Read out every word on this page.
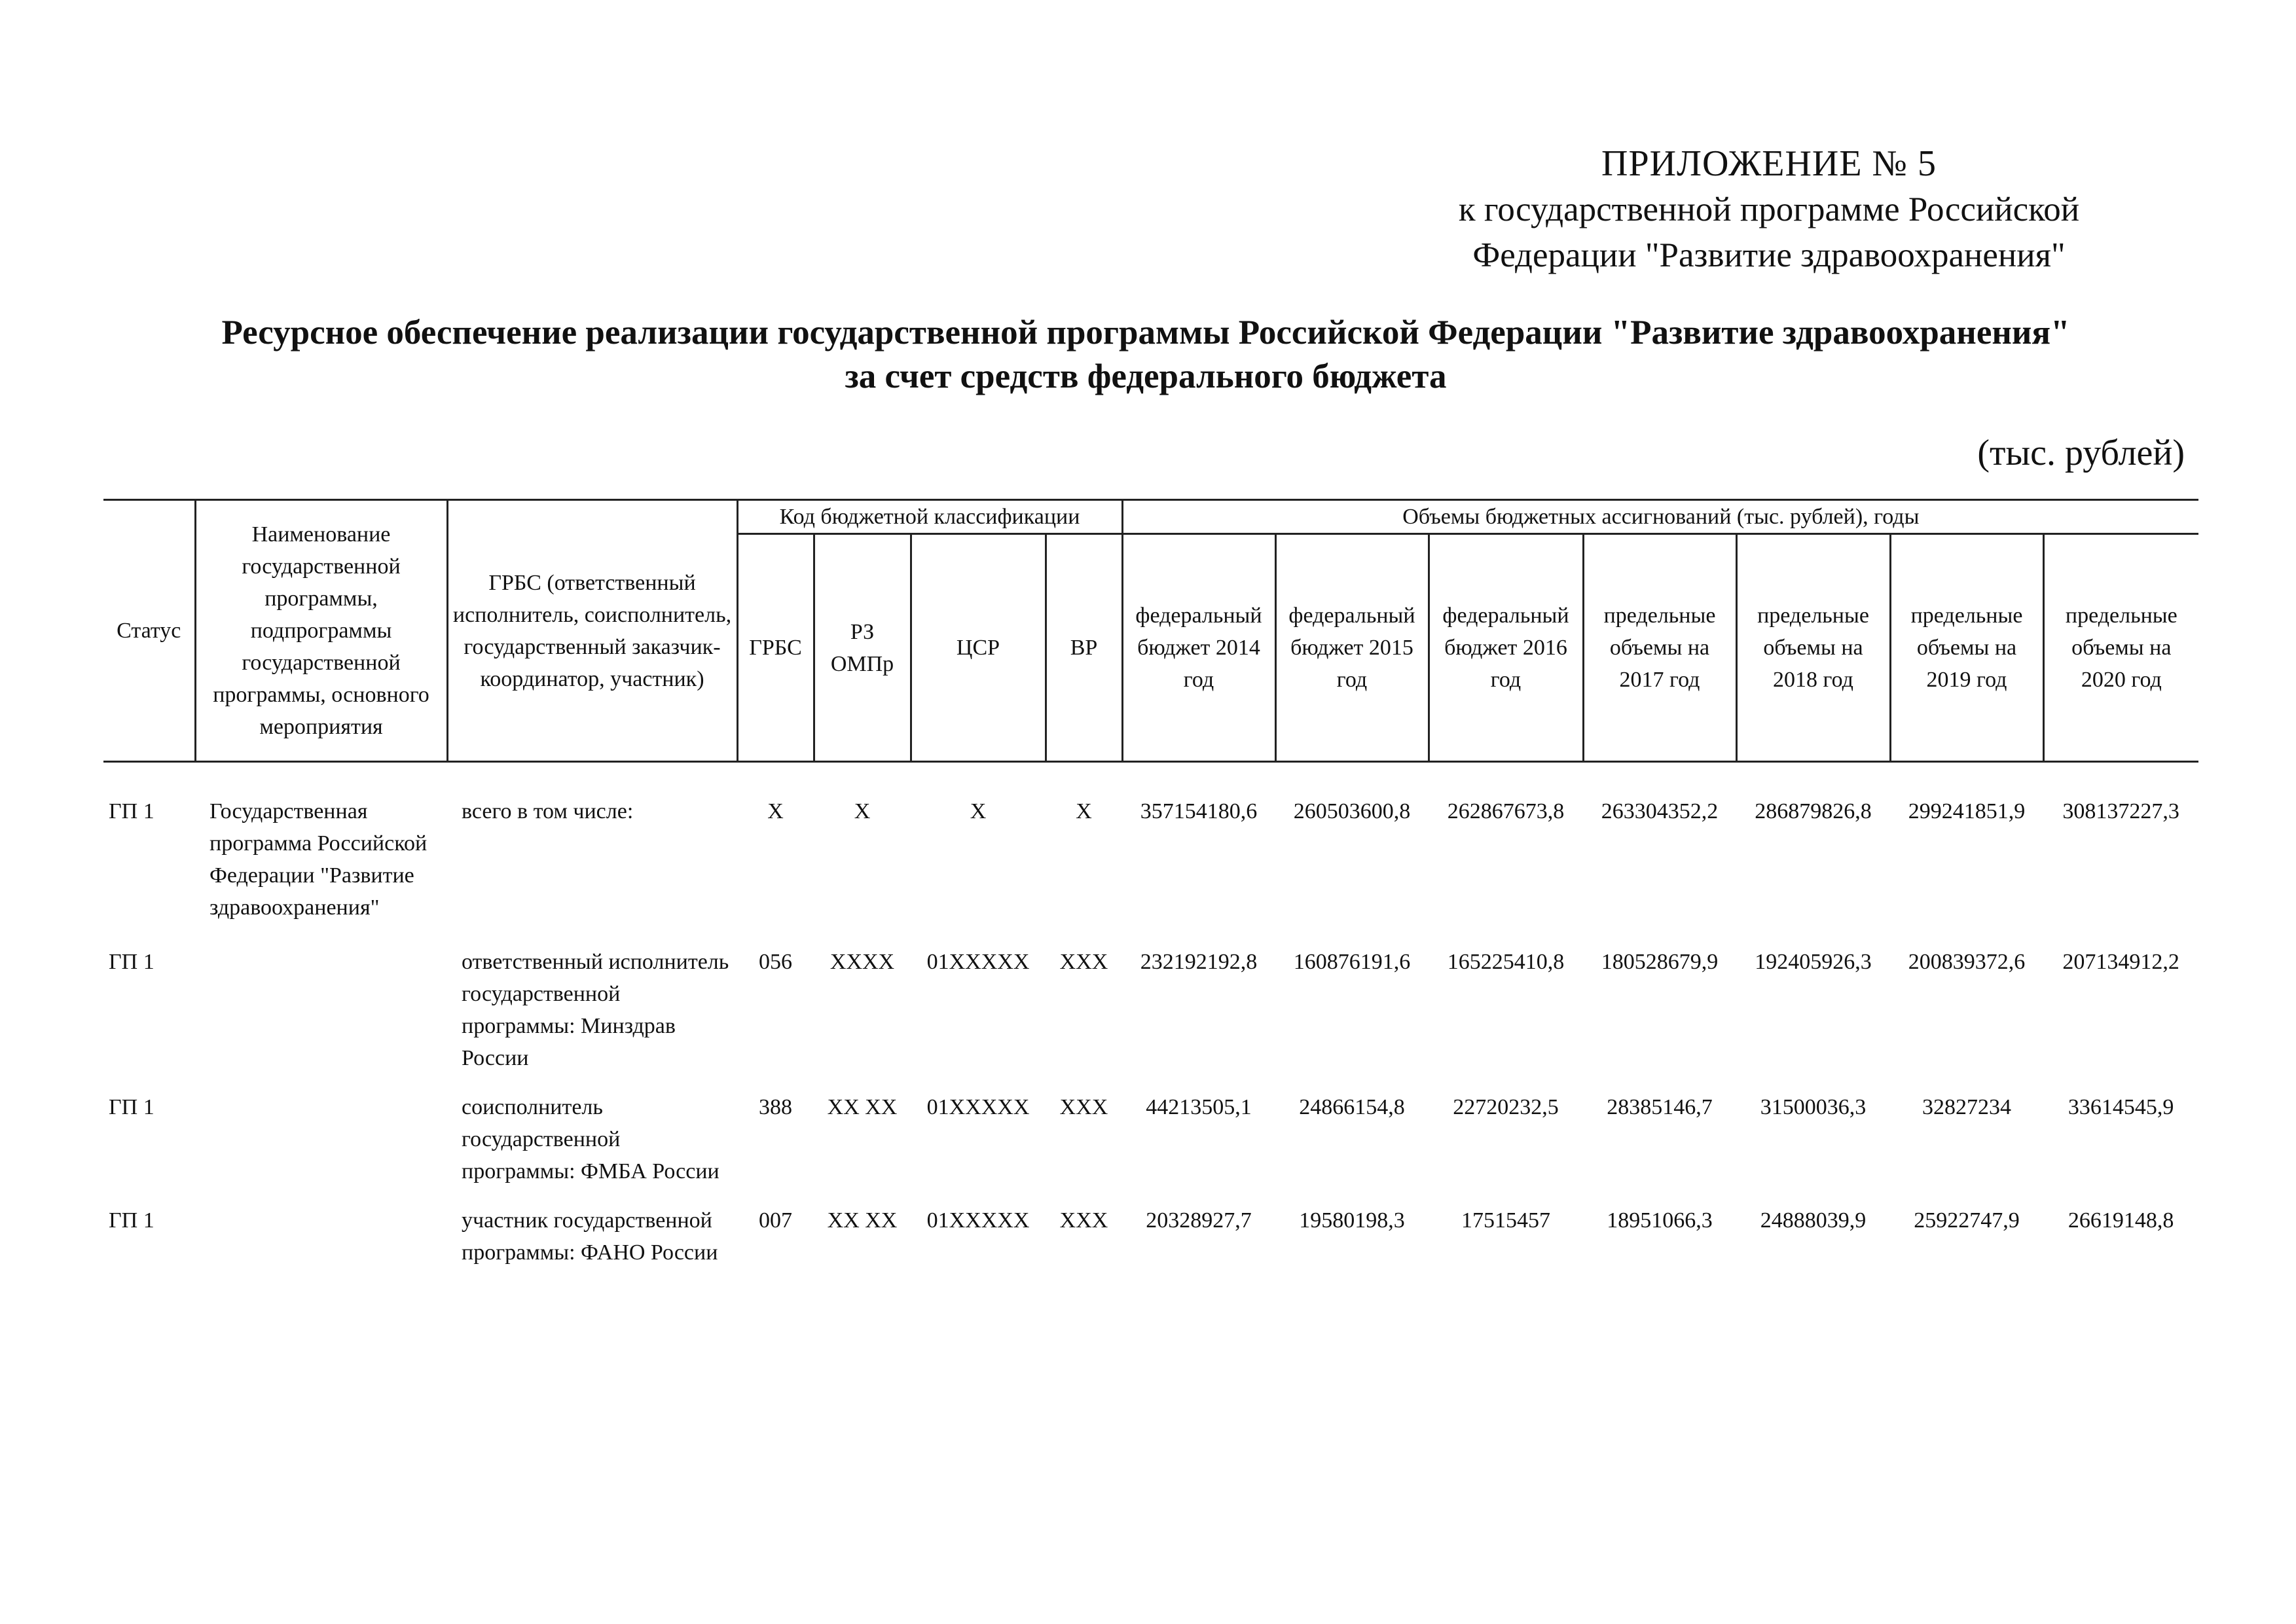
ПРИЛОЖЕНИЕ № 5
к государственной программе Российской
Федерации "Развитие здравоохранения"
Ресурсное обеспечение реализации государственной программы Российской Федерации "Развитие здравоохранения"
за счет средств федерального бюджета
(тыс. рублей)
Статус	Наименование государственной программы, подпрограммы государственной программы, основного мероприятия	ГРБС (ответственный исполнитель, соисполнитель, государственный заказчик-координатор, участник)	Код бюджетной классификации				Объемы бюджетных ассигнований (тыс. рублей), годы						
			ГРБС	РЗ ОМПр	ЦСР	ВР	федеральный бюджет 2014 год	федеральный бюджет 2015 год	федеральный бюджет 2016 год	предельные объемы на 2017 год	предельные объемы на 2018 год	предельные объемы на 2019 год	предельные объемы на 2020 год
ГП 1	Государственная программа Российской Федерации "Развитие здравоохранения"	всего в том числе:	X	X	X	X	357154180,6	260503600,8	262867673,8	263304352,2	286879826,8	299241851,9	308137227,3
ГП 1		ответственный исполнитель государственной программы: Минздрав России	056	XXXX	01XXXXX	XXX	232192192,8	160876191,6	165225410,8	180528679,9	192405926,3	200839372,6	207134912,2
ГП 1		соисполнитель государственной программы: ФМБА России	388	XX XX	01XXXXX	XXX	44213505,1	24866154,8	22720232,5	28385146,7	31500036,3	32827234	33614545,9
ГП 1		участник государственной программы: ФАНО России	007	XX XX	01XXXXX	XXX	20328927,7	19580198,3	17515457	18951066,3	24888039,9	25922747,9	26619148,8
